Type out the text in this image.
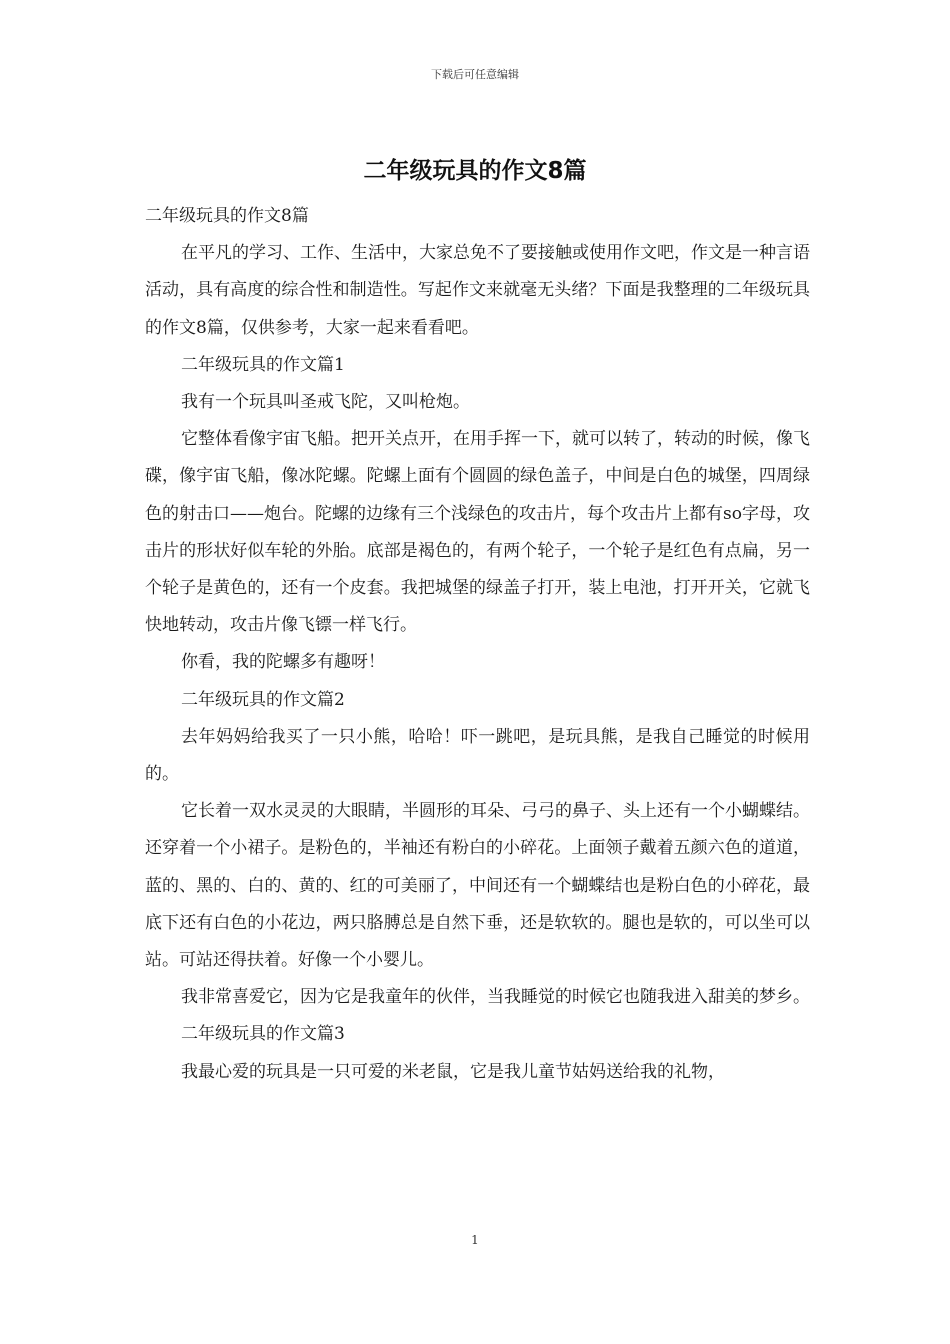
下载后可任意编辑
二年级玩具的作文8篇

二年级玩具的作文8篇

在平凡的学习、工作、生活中，大家总免不了要接触或使用作文吧，作文是一种言语活动，具有高度的综合性和制造性。写起作文来就毫无头绪？下面是我整理的二年级玩具的作文8篇，仅供参考，大家一起来看看吧。

二年级玩具的作文篇1

我有一个玩具叫圣戒飞陀，又叫枪炮。

它整体看像宇宙飞船。把开关点开，在用手挥一下，就可以转了，转动的时候，像飞碟，像宇宙飞船，像冰陀螺。陀螺上面有个圆圆的绿色盖子，中间是白色的城堡，四周绿色的射击口——炮台。陀螺的边缘有三个浅绿色的攻击片，每个攻击片上都有so字母，攻击片的形状好似车轮的外胎。底部是褐色的，有两个轮子，一个轮子是红色有点扁，另一个轮子是黄色的，还有一个皮套。我把城堡的绿盖子打开，装上电池，打开开关，它就飞快地转动，攻击片像飞镖一样飞行。

你看，我的陀螺多有趣呀！

二年级玩具的作文篇2

去年妈妈给我买了一只小熊，哈哈！吓一跳吧，是玩具熊，是我自己睡觉的时候用的。

它长着一双水灵灵的大眼睛，半圆形的耳朵、弓弓的鼻子、头上还有一个小蝴蝶结。还穿着一个小裙子。是粉色的，半袖还有粉白的小碎花。上面领子戴着五颜六色的道道，蓝的、黑的、白的、黄的、红的可美丽了，中间还有一个蝴蝶结也是粉白色的小碎花，最底下还有白色的小花边，两只胳膊总是自然下垂，还是软软的。腿也是软的，可以坐可以站。可站还得扶着。好像一个小婴儿。

我非常喜爱它，因为它是我童年的伙伴，当我睡觉的时候它也随我进入甜美的梦乡。

二年级玩具的作文篇3

我最心爱的玩具是一只可爱的米老鼠，它是我儿童节姑妈送给我的礼物，

1
